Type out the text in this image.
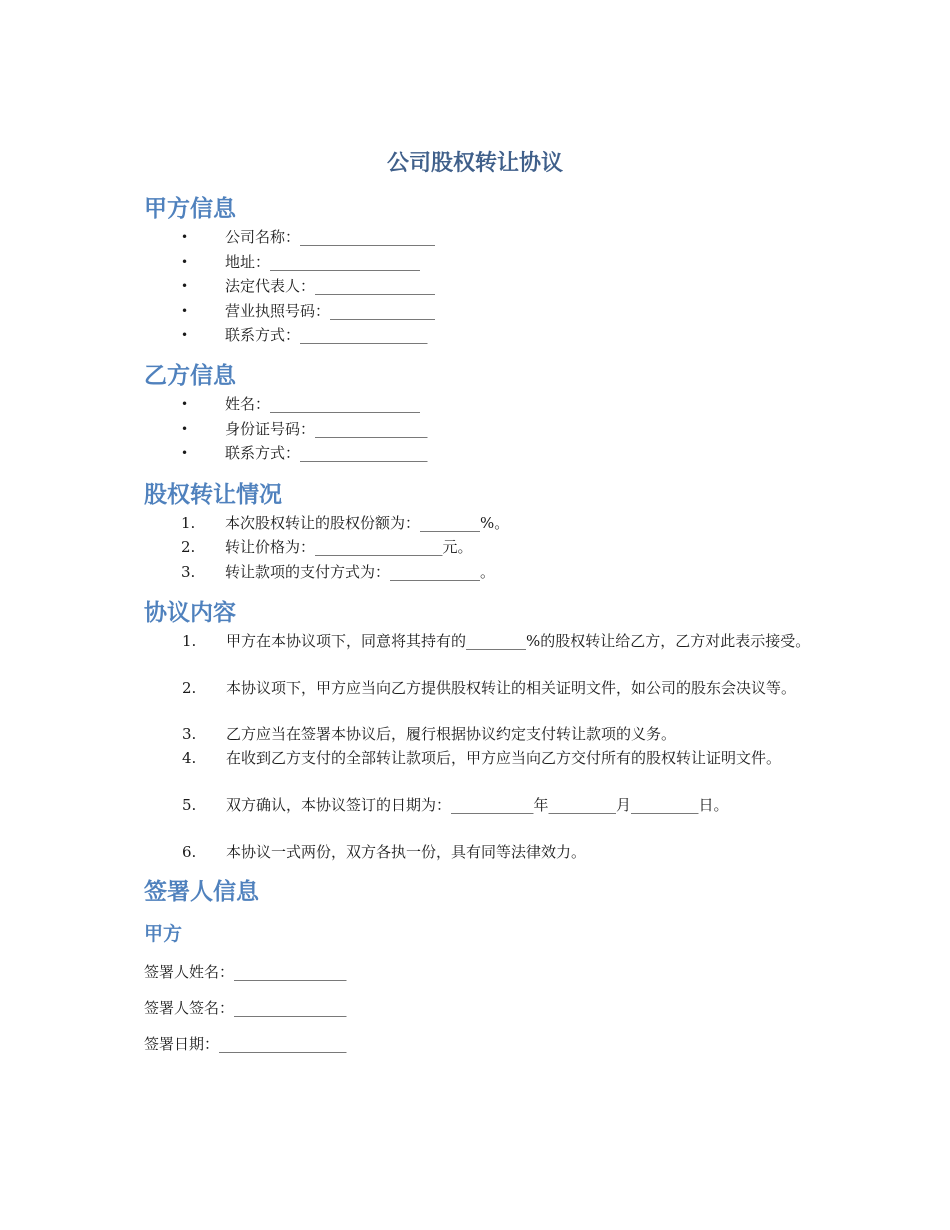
公司股权转让协议
甲方信息
• 公司名称：__________________
• 地址：____________________
• 法定代表人：________________
• 营业执照号码：______________
• 联系方式：_________________
乙方信息
• 姓名：____________________
• 身份证号码：_______________
• 联系方式：_________________
股权转让情况
1. 本次股权转让的股权份额为：________%。
2. 转让价格为：_________________元。
3. 转让款项的支付方式为：____________。
协议内容
1. 甲方在本协议项下，同意将其持有的________%的股权转让给乙方，乙方对此表示接受。
2. 本协议项下，甲方应当向乙方提供股权转让的相关证明文件，如公司的股东会决议等。
3. 乙方应当在签署本协议后，履行根据协议约定支付转让款项的义务。
4. 在收到乙方支付的全部转让款项后，甲方应当向乙方交付所有的股权转让证明文件。
5. 双方确认，本协议签订的日期为：___________年_________月_________日。
6. 本协议一式两份，双方各执一份，具有同等法律效力。
签署人信息
甲方
签署人姓名：_______________
签署人签名：_______________
签署日期：_________________
